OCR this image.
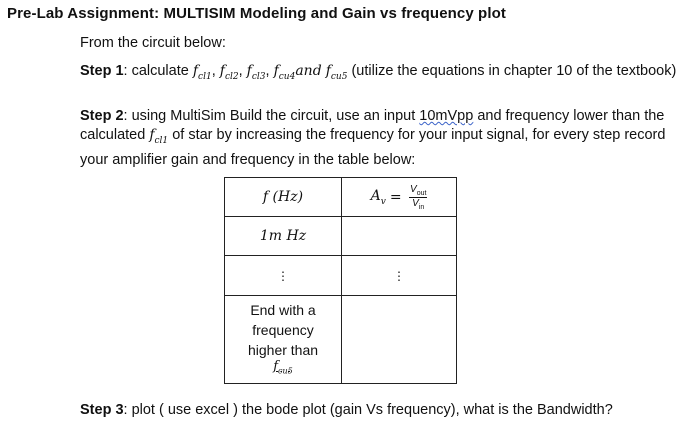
Pre-Lab Assignment: MULTISIM Modeling and Gain vs frequency plot
From the circuit below:
Step 1: calculate $f_{cl1}$, $f_{cl2}$, $f_{cl3}$, $f_{cu4}and$ $f_{cu5}$ (utilize the equations in chapter 10 of the textbook)
Step 2: using MultiSim Build the circuit, use an input 10mVpp and frequency lower than the calculated $f_{cl1}$ of star by increasing the frequency for your input signal, for every step record your amplifier gain and frequency in the table below:
f (Hz)	$A_v = \frac{V_{out}}{V_{in}}$

1m Hz	
⋮	⋮

End with a frequency higher than
$f_{cu5}$

Step 3: plot ( use excel ) the bode plot (gain Vs frequency), what is the Bandwidth?
